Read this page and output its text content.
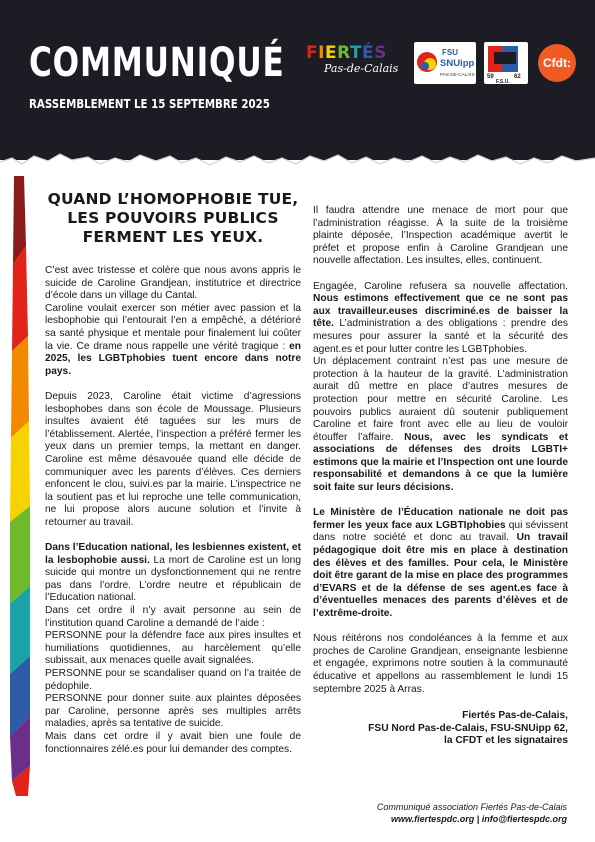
COMMUNIQUÉ
RASSEMBLEMENT LE 15 SEPTEMBRE 2025
FIERTÉS
Pas-de-Calais
FSU
SNUipp
PAS-DE-CALAIS 59	62
F.S.U.
Cfdt:
QUAND L’HOMOPHOBIE TUE,
LES POUVOIRS PUBLICS
FERMENT LES YEUX.

C’est avec tristesse et colère que nous avons appris le suicide de Caroline Grandjean, institutrice et directrice d’école dans un village du Cantal.

Caroline voulait exercer son métier avec passion et la lesbophobie qui l’entourait l’en a empêché, a détérioré sa santé physique et mentale pour finalement lui coûter la vie. Ce drame nous rappelle une vérité tragique : en 2025, les LGBTphobies tuent encore dans notre pays.

Depuis 2023, Caroline était victime d’agressions lesbophobes dans son école de Moussage. Plusieurs insultes avaient été taguées sur les murs de l’établissement. Alertée, l’inspection a préféré fermer les yeux dans un premier temps, la mettant en danger. Caroline est même désavouée quand elle décide de communiquer avec les parents d’élèves. Ces derniers enfoncent le clou, suivi.es par la mairie. L’inspectrice ne la soutient pas et lui reproche une telle communication, ne lui propose alors aucune solution et l’invite à retourner au travail.

Dans l’Education national, les lesbiennes existent, et la lesbophobie aussi. La mort de Caroline est un long suicide qui montre un dysfonctionnement qui ne rentre pas dans l’ordre. L’ordre neutre et républicain de l’Education national.

Dans cet ordre il n’y avait personne au sein de l’institution quand Caroline a demandé de l’aide :

PERSONNE pour la défendre face aux pires insultes et humiliations quotidiennes, au harcèlement qu’elle subissait, aux menaces quelle avait signalées.

PERSONNE pour se scandaliser quand on l’a traitée de pédophile.

PERSONNE pour donner suite aux plaintes déposées par Caroline, personne après ses multiples arrêts maladies, après sa tentative de suicide.

Mais dans cet ordre il y avait bien une foule de fonctionnaires zélé.es pour lui demander des comptes.

Il faudra attendre une menace de mort pour que l’administration réagisse. À la suite de la troisième plainte déposée, l’Inspection académique avertit le préfet et propose enfin à Caroline Grandjean une nouvelle affectation. Les insultes, elles, continuent.

Engagée, Caroline refusera sa nouvelle affectation. Nous estimons effectivement que ce ne sont pas aux travailleur.euses discriminé.es de baisser la tête. L’administration a des obligations : prendre des mesures pour assurer la santé et la sécurité des agent.es et pour lutter contre les LGBTphobies.

Un déplacement contraint n’est pas une mesure de protection à la hauteur de la gravité. L’administration aurait dû mettre en place d’autres mesures de protection pour mettre en sécurité Caroline. Les pouvoirs publics auraient dû soutenir publiquement Caroline et faire front avec elle au lieu de vouloir étouffer l’affaire. Nous, avec les syndicats et associations de défenses des droits LGBTI+ estimons que la mairie et l’Inspection ont une lourde responsabilité et demandons à ce que la lumière soit faite sur leurs décisions.

Le Ministère de l’Éducation nationale ne doit pas fermer les yeux face aux LGBTIphobies qui sévissent dans notre société et donc au travail. Un travail pédagogique doit être mis en place à destination des élèves et des familles. Pour cela, le Ministère doit être garant de la mise en place des programmes d’EVARS et de la défense de ses agent.es face à d’éventuelles menaces des parents d’élèves et de l’extrême-droite.

Nous réitérons nos condoléances à la femme et aux proches de Caroline Grandjean, enseignante lesbienne et engagée, exprimons notre soutien à la communauté éducative et appellons au rassemblement le lundi 15 septembre 2025 à Arras.

Fiertés Pas-de-Calais,
FSU Nord Pas-de-Calais, FSU-SNUipp 62,
la CFDT et les signataires
Communiqué association Fiertés Pas-de-Calais
www.fiertespdc.org | info@fiertespdc.org
